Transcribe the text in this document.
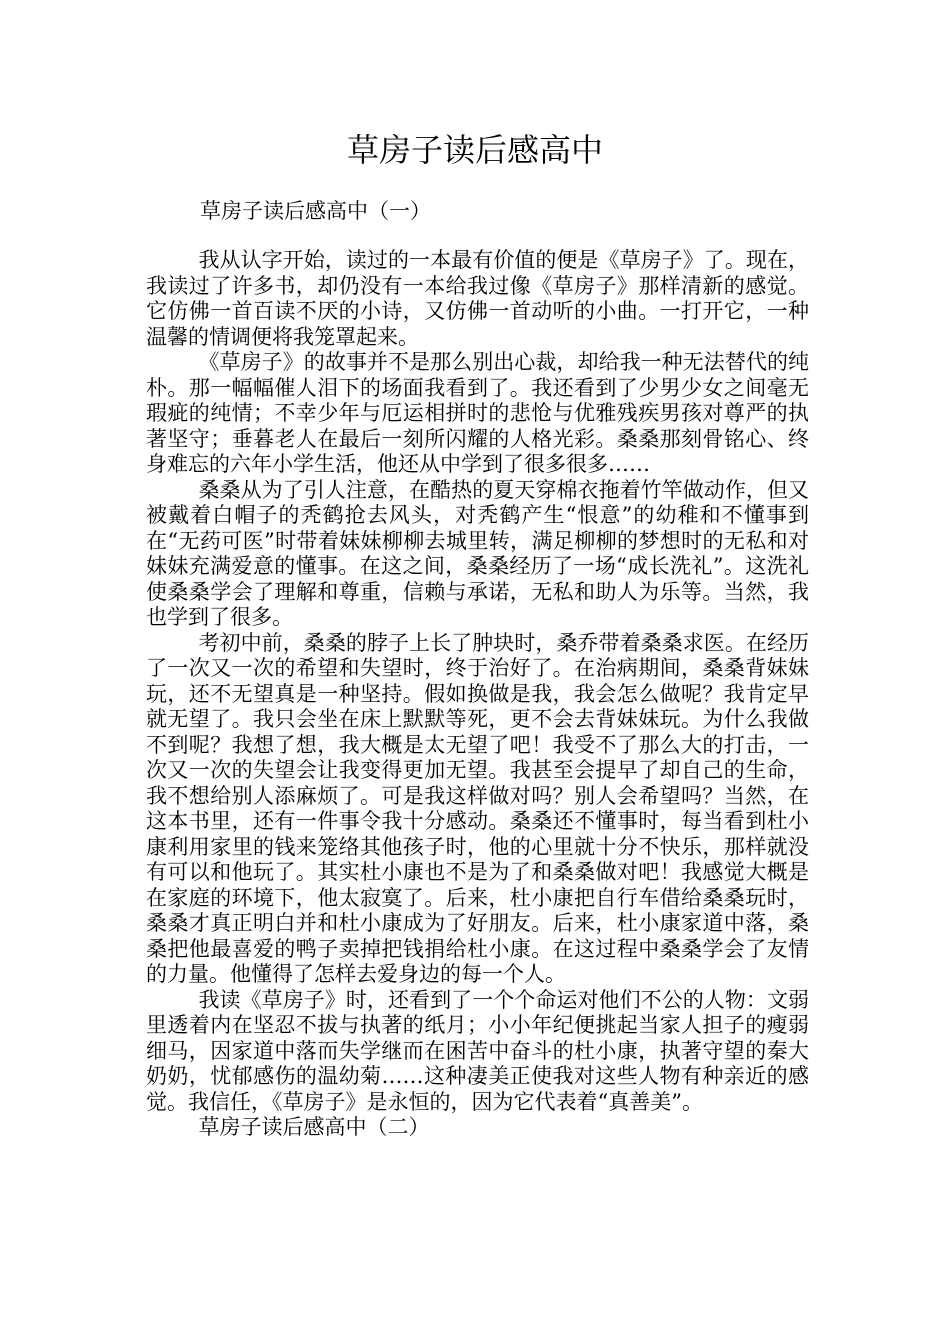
草房子读后感高中
草房子读后感高中（一）

我从认字开始，读过的一本最有价值的便是《草房子》了。现在，我读过了许多书，却仍没有一本给我过像《草房子》那样清新的感觉。它仿佛一首百读不厌的小诗，又仿佛一首动听的小曲。一打开它，一种温馨的情调便将我笼罩起来。

《草房子》的故事并不是那么别出心裁，却给我一种无法替代的纯朴。那一幅幅催人泪下的场面我看到了。我还看到了少男少女之间毫无瑕疵的纯情；不幸少年与厄运相拼时的悲怆与优雅残疾男孩对尊严的执著坚守；垂暮老人在最后一刻所闪耀的人格光彩。桑桑那刻骨铭心、终身难忘的六年小学生活，他还从中学到了很多很多……

桑桑从为了引人注意，在酷热的夏天穿棉衣拖着竹竿做动作，但又被戴着白帽子的秃鹤抢去风头，对秃鹤产生“恨意”的幼稚和不懂事到在“无药可医”时带着妹妹柳柳去城里转，满足柳柳的梦想时的无私和对妹妹充满爱意的懂事。在这之间，桑桑经历了一场“成长洗礼”。这洗礼使桑桑学会了理解和尊重，信赖与承诺，无私和助人为乐等。当然，我也学到了很多。

考初中前，桑桑的脖子上长了肿块时，桑乔带着桑桑求医。在经历了一次又一次的希望和失望时，终于治好了。在治病期间，桑桑背妹妹玩，还不无望真是一种坚持。假如换做是我，我会怎么做呢？我肯定早就无望了。我只会坐在床上默默等死，更不会去背妹妹玩。为什么我做不到呢？我想了想，我大概是太无望了吧！我受不了那么大的打击，一次又一次的失望会让我变得更加无望。我甚至会提早了却自己的生命，我不想给别人添麻烦了。可是我这样做对吗？别人会希望吗？当然，在这本书里，还有一件事令我十分感动。桑桑还不懂事时，每当看到杜小康利用家里的钱来笼络其他孩子时，他的心里就十分不快乐，那样就没有可以和他玩了。其实杜小康也不是为了和桑桑做对吧！我感觉大概是在家庭的环境下，他太寂寞了。后来，杜小康把自行车借给桑桑玩时，桑桑才真正明白并和杜小康成为了好朋友。后来，杜小康家道中落，桑桑把他最喜爱的鸭子卖掉把钱捐给杜小康。在这过程中桑桑学会了友情的力量。他懂得了怎样去爱身边的每一个人。

我读《草房子》时，还看到了一个个命运对他们不公的人物：文弱里透着内在坚忍不拔与执著的纸月；小小年纪便挑起当家人担子的瘦弱细马，因家道中落而失学继而在困苦中奋斗的杜小康，执著守望的秦大奶奶，忧郁感伤的温幼菊……这种凄美正使我对这些人物有种亲近的感觉。我信任，《草房子》是永恒的，因为它代表着“真善美”。

草房子读后感高中（二）
